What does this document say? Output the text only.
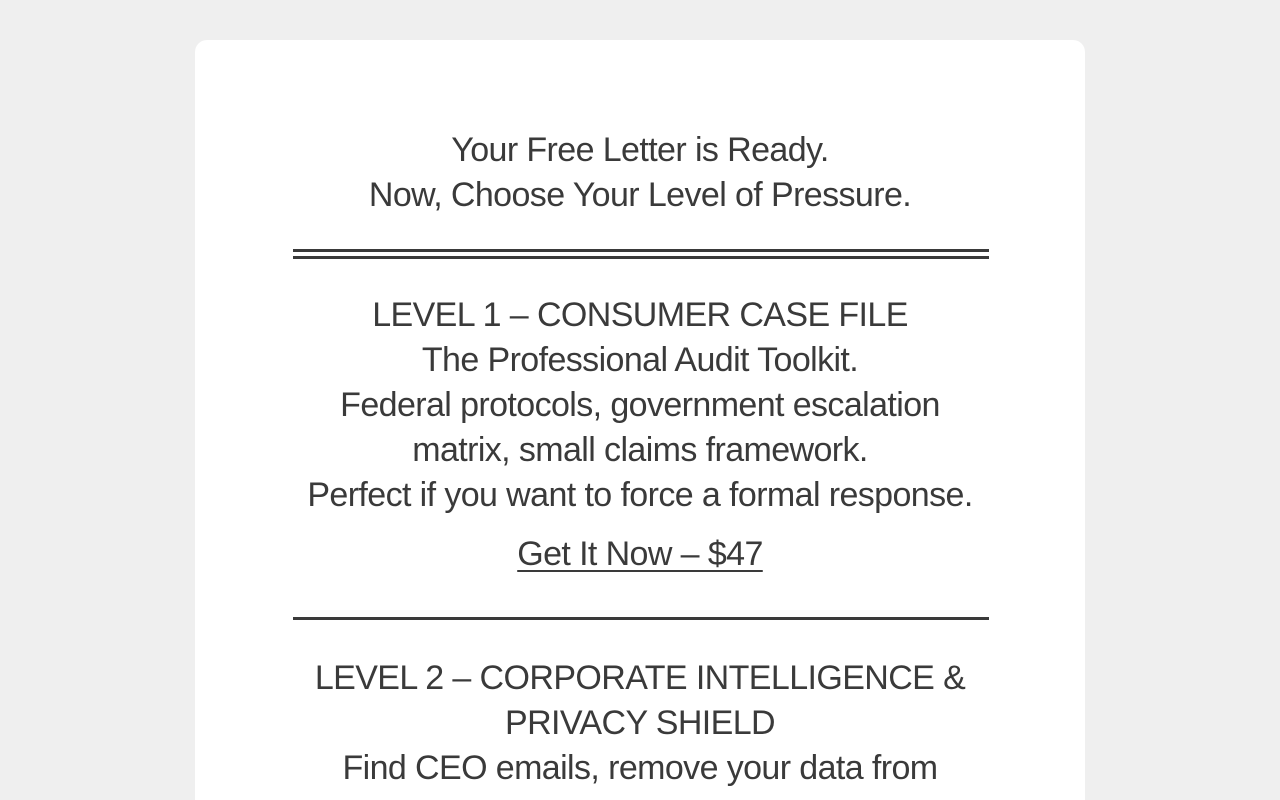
Your Free Letter is Ready.
Now, Choose Your Level of Pressure.
LEVEL 1 – CONSUMER CASE FILE
The Professional Audit Toolkit.
Federal protocols, government escalation
matrix, small claims framework.
Perfect if you want to force a formal response.
Get It Now – $47
LEVEL 2 – CORPORATE INTELLIGENCE &
PRIVACY SHIELD
Find CEO emails, remove your data from
